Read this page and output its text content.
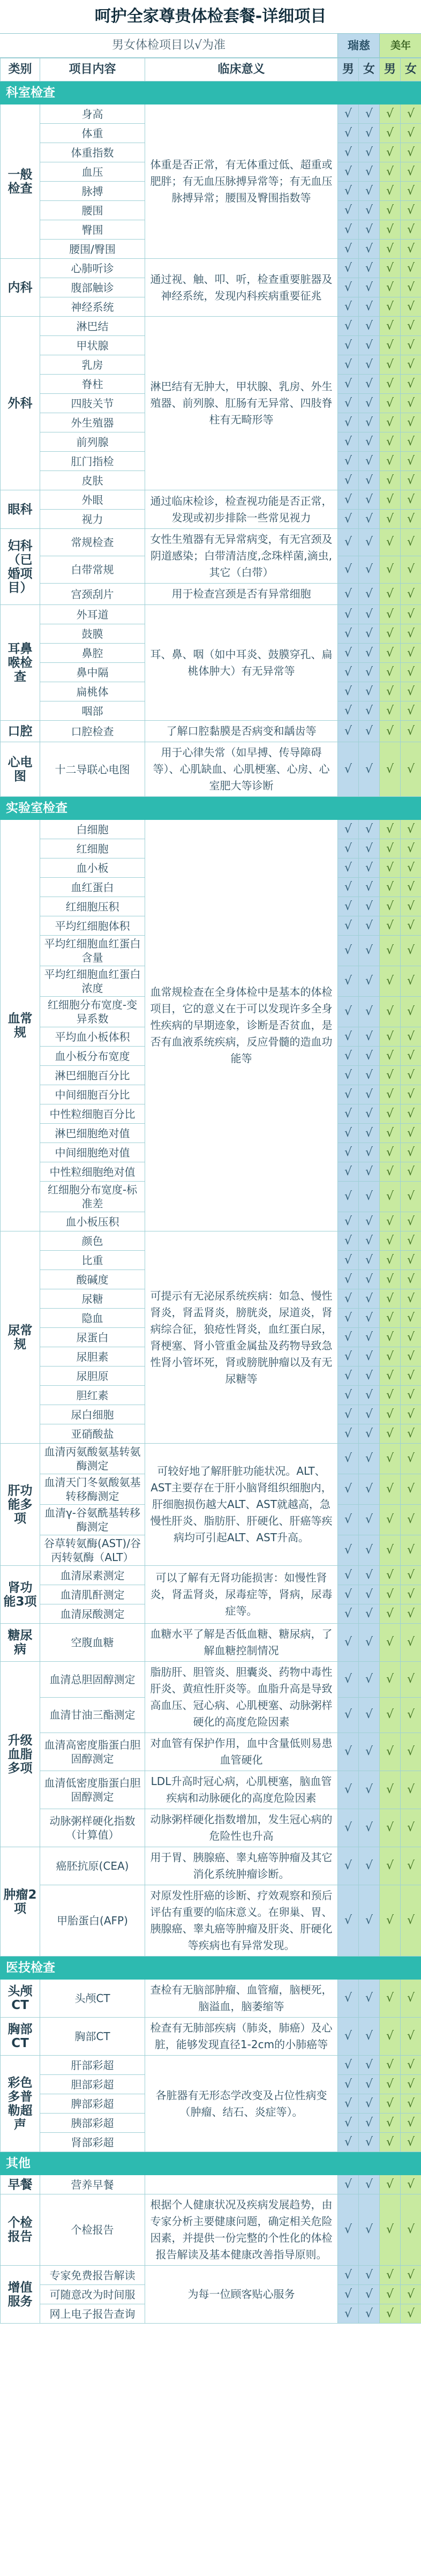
呵护全家尊贵体检套餐-详细项目
男女体检项目以√为准	瑞慈	美年
类别	项目内容	临床意义	男	女	男	女
科室检查						
一般检查	身高	体重是否正常，有无体重过低、超重或肥胖；有无血压脉搏异常等；有无血压脉搏异常；腰围及臀围指数等	√	√	√	√
	体重		√	√	√	√
	体重指数		√	√	√	√
	血压		√	√	√	√
	脉搏		√	√	√	√
	腰围		√	√	√	√
	臀围		√	√	√	√
	腰围/臀围		√	√	√	√
内科	心肺听诊	通过视、触、叩、听，检查重要脏器及神经系统，发现内科疾病重要征兆	√	√	√	√
	腹部触诊		√	√	√	√
	神经系统		√	√	√	√
外科	淋巴结	淋巴结有无肿大，甲状腺、乳房、外生殖器、前列腺、肛肠有无异常、四肢脊柱有无畸形等	√	√	√	√
	甲状腺		√	√	√	√
	乳房		√	√	√	√
	脊柱		√	√	√	√
	四肢关节		√	√	√	√
	外生殖器		√	√	√	√
	前列腺		√	√	√	√
	肛门指检		√	√	√	√
	皮肤		√	√	√	√
眼科	外眼	通过临床检诊，检查视功能是否正常，发现或初步排除一些常见视力	√	√	√	√
	视力		√	√	√	√
妇科（已婚项目）	常规检查	女性生殖器有无异常病变，有无宫颈及阴道感染；白带清洁度,念珠样菌,滴虫,其它（白带）	√	√	√	√
	白带常规		√	√	√	√
	宫颈刮片	用于检查宫颈是否有异常细胞	√	√	√	√
耳鼻喉检查	外耳道	耳、鼻、咽（如中耳炎、鼓膜穿孔、扁桃体肿大）有无异常等	√	√	√	√
	鼓膜		√	√	√	√
	鼻腔		√	√	√	√
	鼻中隔		√	√	√	√
	扁桃体		√	√	√	√
	咽部		√	√	√	√
口腔	口腔检查	了解口腔黏膜是否病变和龋齿等	√	√	√	√
心电图	十二导联心电图	用于心律失常（如早搏、传导障碍等）、心肌缺血、心肌梗塞、心房、心室肥大等诊断	√	√	√	√
实验室检查						
血常规	白细胞	血常规检查在全身体检中是基本的体检项目，它的意义在于可以发现许多全身性疾病的早期迹象，诊断是否贫血，是否有血液系统疾病，反应骨髓的造血功能等	√	√	√	√
	红细胞		√	√	√	√
	血小板		√	√	√	√
	血红蛋白		√	√	√	√
	红细胞压积		√	√	√	√
	平均红细胞体积		√	√	√	√
	平均红细胞血红蛋白含量		√	√	√	√
	平均红细胞血红蛋白浓度		√	√	√	√
	红细胞分布宽度-变异系数		√	√	√	√
	平均血小板体积		√	√	√	√
	血小板分布宽度		√	√	√	√
	淋巴细胞百分比		√	√	√	√
	中间细胞百分比		√	√	√	√
	中性粒细胞百分比		√	√	√	√
	淋巴细胞绝对值		√	√	√	√
	中间细胞绝对值		√	√	√	√
	中性粒细胞绝对值		√	√	√	√
	红细胞分布宽度-标准差		√	√	√	√
	血小板压积		√	√	√	√
尿常规	颜色	可提示有无泌尿系统疾病：如急、慢性肾炎，肾盂肾炎，膀胱炎，尿道炎，肾病综合征，狼疮性肾炎，血红蛋白尿，肾梗塞、肾小管重金属盐及药物导致急性肾小管坏死，肾或膀胱肿瘤以及有无尿糖等	√	√	√	√
	比重		√	√	√	√
	酸碱度		√	√	√	√
	尿糖		√	√	√	√
	隐血		√	√	√	√
	尿蛋白		√	√	√	√
	尿胆素		√	√	√	√
	尿胆原		√	√	√	√
	胆红素		√	√	√	√
	尿白细胞		√	√	√	√
	亚硝酸盐		√	√	√	√
肝功能多项	血清丙氨酸氨基转氨酶测定	可较好地了解肝脏功能状况。ALT、AST主要存在于肝小脑肾组织细胞内，肝细胞损伤越大ALT、AST就越高，急慢性肝炎、脂肪肝、肝硬化、肝癌等疾病均可引起ALT、AST升高。	√	√	√	√
	血清天门冬氨酸氨基转移酶测定		√	√	√	√
	血清γ-谷氨酰基转移酶测定		√	√	√	√
	谷草转氨酶(AST)/谷丙转氨酶（ALT）		√	√	√	√
肾功能3项	血清尿素测定	可以了解有无肾功能损害：如慢性肾炎，肾盂肾炎，尿毒症等，肾病，尿毒症等。	√	√	√	√
	血清肌酐测定		√	√	√	√
	血清尿酸测定		√	√	√	√
糖尿病	空腹血糖	血糖水平了解是否低血糖、糖尿病，了解血糖控制情况	√	√	√	√
升级血脂多项	血清总胆固醇测定	脂肪肝、胆管炎、胆囊炎、药物中毒性肝炎、黄疸性肝炎等。血脂升高是导致高血压、冠心病、心肌梗塞、动脉粥样硬化的高度危险因素	√	√	√	√
	血清甘油三酯测定		√	√	√	√
	血清高密度脂蛋白胆固醇测定	对血管有保护作用，血中含量低则易患血管硬化	√	√	√	√
	血清低密度脂蛋白胆固醇测定	LDL升高时冠心病，心肌梗塞，脑血管疾病和动脉硬化的高度危险因素	√	√	√	√
	动脉粥样硬化指数（计算值）	动脉粥样硬化指数增加，发生冠心病的危险性也升高	√	√	√	√
肿瘤2项	癌胚抗原(CEA)	用于胃、胰腺癌、睾丸癌等肿瘤及其它消化系统肿瘤诊断。	√	√	√	√
	甲胎蛋白(AFP)	对原发性肝癌的诊断、疗效观察和预后评估有重要的临床意义。在卵巢、胃、胰腺癌、睾丸癌等肿瘤及肝炎、肝硬化等疾病也有异常发现。	√	√	√	√
医技检查						
头颅CT	头颅CT	查检有无脑部肿瘤、血管瘤，脑梗死，脑溢血，脑萎缩等	√	√	√	√
胸部CT	胸部CT	检查有无肺部疾病（肺炎，肺癌）及心脏，能够发现直径1-2cm的小肺癌等	√	√	√	√
彩色多普勒超声	肝部彩超	各脏器有无形态学改变及占位性病变（肿瘤、结石、炎症等）。	√	√	√	√
	胆部彩超		√	√	√	√
	脾部彩超		√	√	√	√
	胰部彩超		√	√	√	√
	肾部彩超		√	√	√	√
其他						
早餐	营养早餐		√	√	√	√
个检报告	个检报告	根据个人健康状况及疾病发展趋势，由专家分析主要健康问题，确定相关危险因素，并提供一份完整的个性化的体检报告解读及基本健康改善指导原则。	√	√	√	√
增值服务	专家免费报告解读	为每一位顾客贴心服务	√	√	√	√
	可随意改为时间服		√	√	√	√
	网上电子报告查询		√	√	√	√
